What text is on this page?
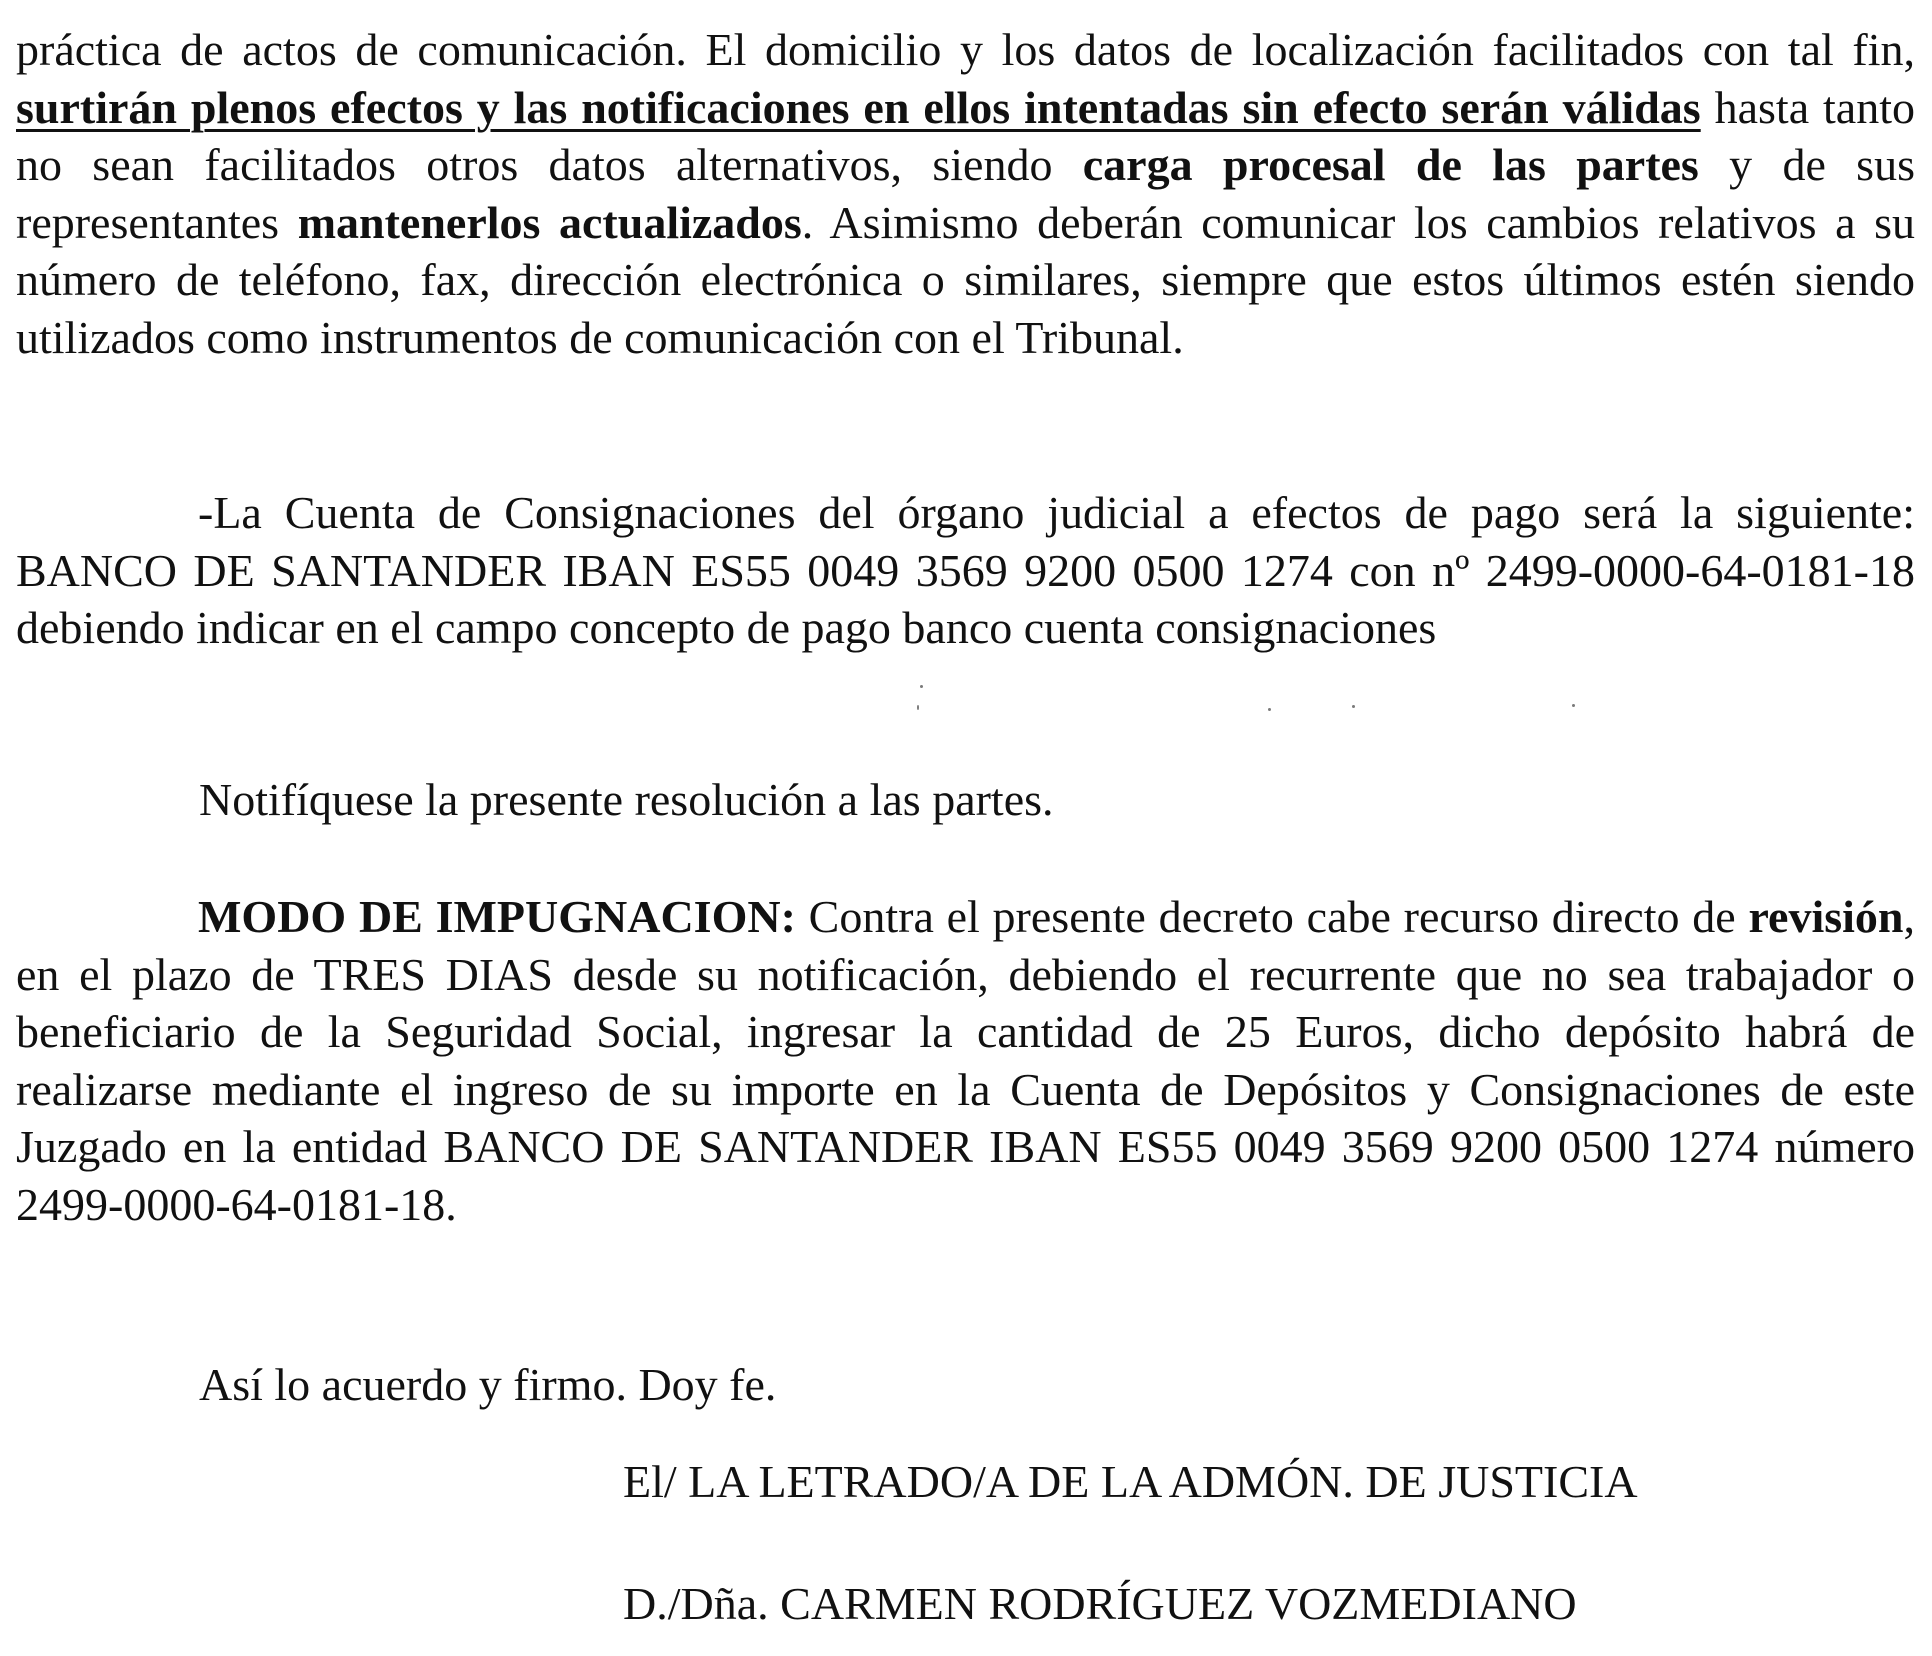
práctica de actos de comunicación. El domicilio y los datos de localización facilitados con tal fin, surtirán plenos efectos y las notificaciones en ellos intentadas sin efecto serán válidas hasta tanto no sean facilitados otros datos alternativos, siendo carga procesal de las partes y de sus representantes mantenerlos actualizados. Asimismo deberán comunicar los cambios relativos a su número de teléfono, fax, dirección electrónica o similares, siempre que estos últimos estén siendo utilizados como instrumentos de comunicación con el Tribunal.

-La Cuenta de Consignaciones del órgano judicial a efectos de pago será la siguiente: BANCO DE SANTANDER IBAN ES55 0049 3569 9200 0500 1274 con nº 2499-0000-64-0181-18 debiendo indicar en el campo concepto de pago banco cuenta consignaciones

Notifíquese la presente resolución a las partes.

MODO DE IMPUGNACION: Contra el presente decreto cabe recurso directo de revisión, en el plazo de TRES DIAS desde su notificación, debiendo el recurrente que no sea trabajador o beneficiario de la Seguridad Social, ingresar la cantidad de 25 Euros, dicho depósito habrá de realizarse mediante el ingreso de su importe en la Cuenta de Depósitos y Consignaciones de este Juzgado en la entidad BANCO DE SANTANDER IBAN ES55 0049 3569 9200 0500 1274 número 2499-0000-64-0181-18.

Así lo acuerdo y firmo. Doy fe.

El/ LA LETRADO/A DE LA ADMÓN. DE JUSTICIA

D./Dña. CARMEN RODRÍGUEZ VOZMEDIANO
